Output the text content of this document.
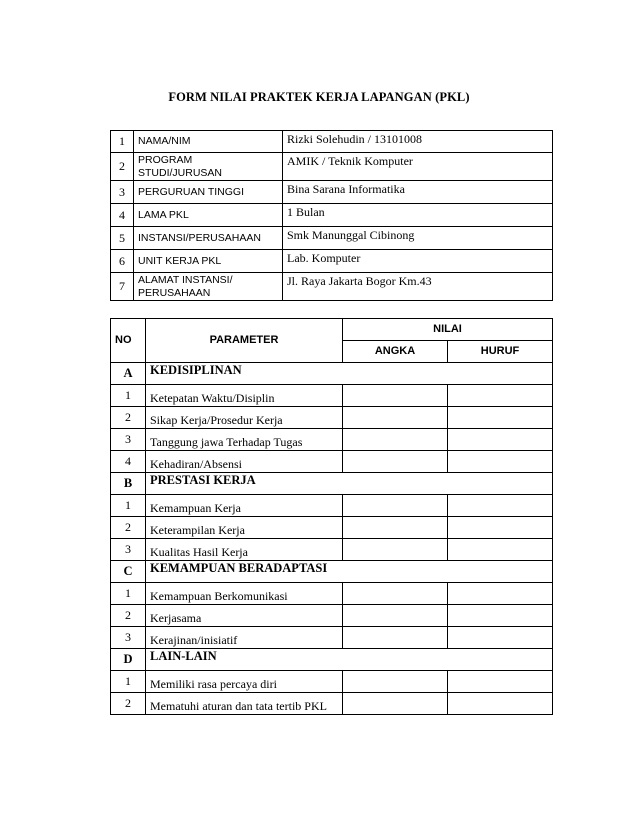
FORM NILAI PRAKTEK KERJA LAPANGAN (PKL)
1	NAMA/NIM	Rizki Solehudin / 13101008
2	PROGRAM STUDI/JURUSAN	AMIK / Teknik Komputer
3	PERGURUAN TINGGI	Bina Sarana Informatika
4	LAMA PKL	1 Bulan
5	INSTANSI/PERUSAHAAN	Smk Manunggal Cibinong
6	UNIT KERJA PKL	Lab. Komputer
7	ALAMAT INSTANSI/ PERUSAHAAN	Jl. Raya Jakarta Bogor Km.43
NO	PARAMETER	NILAI	
		ANGKA	HURUF
A	KEDISIPLINAN		
1	Ketepatan Waktu/Disiplin		
2	Sikap Kerja/Prosedur Kerja		
3	Tanggung jawa Terhadap Tugas		
4	Kehadiran/Absensi		
B	PRESTASI KERJA		
1	Kemampuan Kerja		
2	Keterampilan Kerja		
3	Kualitas Hasil Kerja		
C	KEMAMPUAN BERADAPTASI		
1	Kemampuan Berkomunikasi		
2	Kerjasama		
3	Kerajinan/inisiatif		
D	LAIN-LAIN		
1	Memiliki rasa percaya diri		
2	Mematuhi aturan dan tata tertib PKL		
